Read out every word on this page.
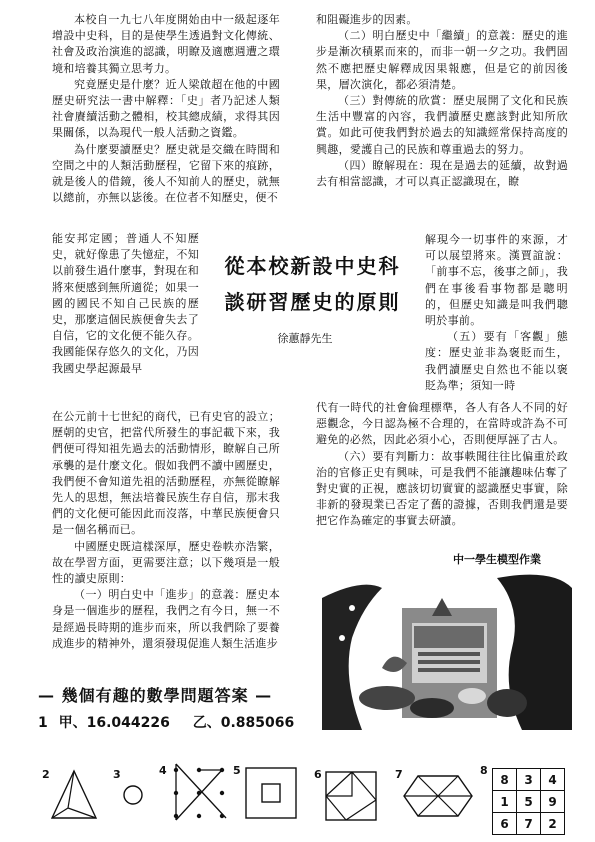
本校自一九七八年度開始由中一級起逐年增設中史科，目的是使學生透過對文化傳統、社會及政治演進的認識，明瞭及適應週遭之環境和培養其獨立思考力。

究竟歷史是什麼？近人梁啟超在他的中國歷史研究法一書中解釋：「史」者乃記述人類社會賡續活動之體相，校其總成績，求得其因果關係，以為現代一般人活動之資鑑。

為什麼要讀歷史？歷史就是交織在時間和空間之中的人類活動歷程，它留下來的痕跡，就是後人的借鏡，後人不知前人的歷史，就無以總前，亦無以毖後。在位者不知歷史，便不

能安邦定國；普通人不知歷史，就好像患了失憶症，不知以前發生過什麼事，對現在和將來便感到無所適從；如果一國的國民不知自己民族的歷史，那麼這個民族便會失去了自信，它的文化便不能久存。我國能保存悠久的文化，乃因我國史學起源最早

從本校新設中史科
談研習歷史的原則
徐蕙靜先生

在公元前十七世紀的商代，已有史官的設立；歷朝的史官，把當代所發生的事記載下來，我們便可得知祖先過去的活動情形，瞭解自己所承襲的是什麼文化。假如我們不讀中國歷史，我們便不會知道先祖的活動歷程，亦無從瞭解先人的思想，無法培養民族生存自信，那末我們的文化便可能因此而沒落，中華民族便會只是一個名稱而已。

中國歷史既這樣深厚，歷史卷帙亦浩繁，故在學習方面，更需要注意；以下幾項是一般性的讀史原則：

（一）明白史中「進步」的意義：歷史本身是一個進步的歷程，我們之有今日，無一不是經過長時期的進步而來，所以我們除了要養成進步的精神外，還須發現促進人類生活進步

和阻礙進步的因素。

（二）明白歷史中「繼續」的意義：歷史的進步是漸次積累而來的，而非一朝一夕之功。我們固然不應把歷史解釋成因果報應，但是它的前因後果，層次演化，都必須清楚。

（三）對傳統的欣賞：歷史展開了文化和民族生活中豐富的內容，我們讀歷史應該對此知所欣賞。如此可使我們對於過去的知識經常保持高度的興趣，愛護自己的民族和尊重過去的努力。

（四）瞭解現在：現在是過去的延續，故對過去有相當認識，才可以真正認識現在，瞭

解現今一切事件的來源，才可以展望將來。漢賈誼說：「前事不忘，後事之師」，我們在事後看事物都是聰明的，但歷史知識是叫我們聰明於事前。

（五）要有「客觀」態度：歷史並非為褒貶而生，我們讀歷史自然也不能以褒貶為準；須知一時

代有一時代的社會倫理標準，各人有各人不同的好惡觀念，今日認為極不合理的，在當時或許為不可避免的必然，因此必須小心，否則便厚誣了古人。

（六）要有判斷力：故事軼聞往往比偏重於政治的官修正史有興味，可是我們不能讓趣味佔奪了對史實的正視，應該切切實實的認識歷史事實，除非新的發現業已否定了舊的證據，否則我們還是要把它作為確定的事實去研讀。

中一學生模型作業
— 幾個有趣的數學問題答案 —
1 甲、16.044226 乙、0.885066
2	3	4	5	6	7	8
8	3	4
1	5	9
6	7	2
